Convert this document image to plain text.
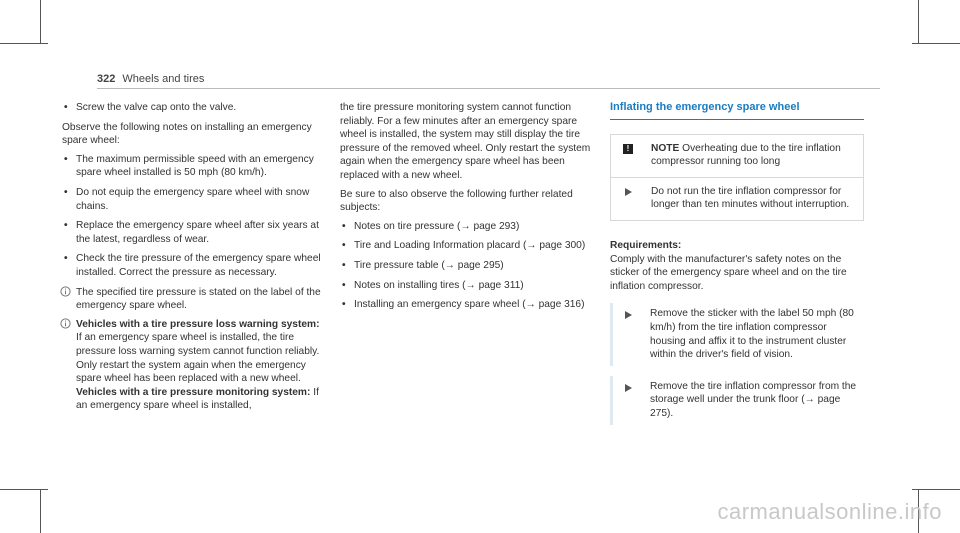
322 Wheels and tires
• Screw the valve cap onto the valve.

Observe the following notes on installing an emergency spare wheel:

• The maximum permissible speed with an emergency spare wheel installed is 50 mph (80 km/h).
• Do not equip the emergency spare wheel with snow chains.
• Replace the emergency spare wheel after six years at the latest, regardless of wear.
• Check the tire pressure of the emergency spare wheel installed. Correct the pressure as necessary.
The specified tire pressure is stated on the label of the emergency spare wheel.
Vehicles with a tire pressure loss warning system: If an emergency spare wheel is installed, the tire pressure loss warning system cannot function reliably. Only restart the system again when the emergency spare wheel has been replaced with a new wheel.
Vehicles with a tire pressure monitoring system: If an emergency spare wheel is installed,

the tire pressure monitoring system cannot function reliably. For a few minutes after an emergency spare wheel is installed, the system may still display the tire pressure of the removed wheel. Only restart the system again when the emergency spare wheel has been replaced with a new wheel.

Be sure to also observe the following further related subjects:

• Notes on tire pressure (→ page 293)
• Tire and Loading Information placard (→ page 300)
• Tire pressure table (→ page 295)
• Notes on installing tires (→ page 311)
• Installing an emergency spare wheel (→ page 316)
Inflating the emergency spare wheel
!	NOTE Overheating due to the tire inflation compressor running too long
Do not run the tire inflation compressor for longer than ten minutes without interruption.
Requirements:

Comply with the manufacturer's safety notes on the sticker of the emergency spare wheel and on the tire inflation compressor.

Remove the sticker with the label 50 mph (80 km/h) from the tire inflation compressor housing and affix it to the instrument cluster within the driver's field of vision.
Remove the tire inflation compressor from the storage well under the trunk floor (→ page 275).
carmanualsonline.info
